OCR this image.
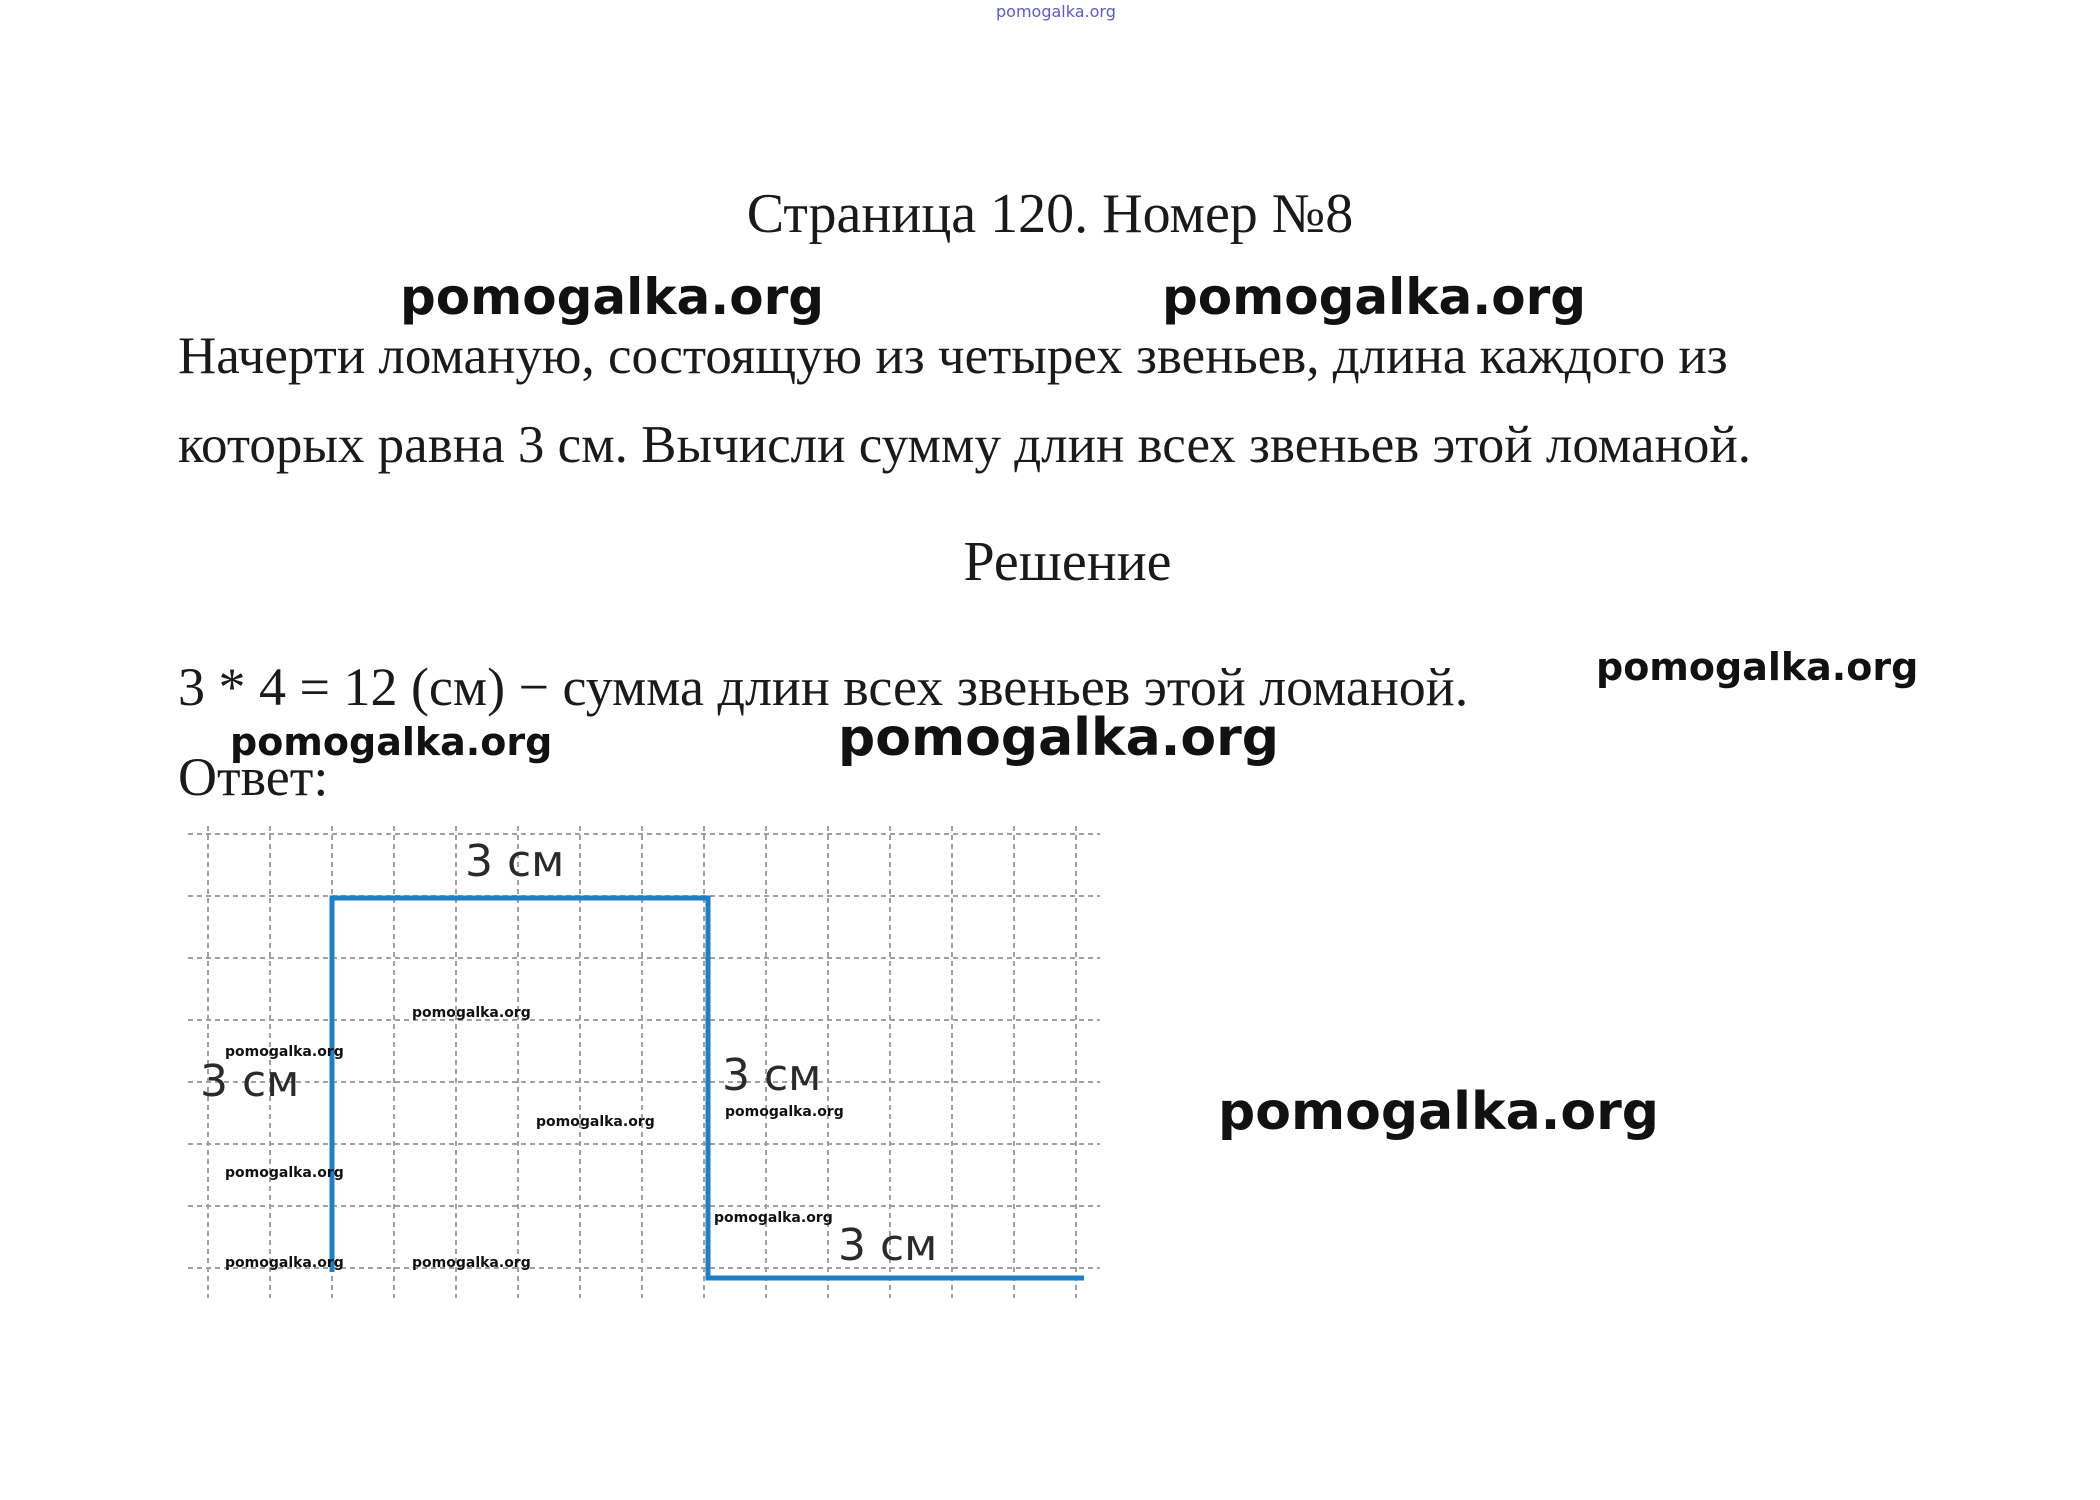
pomogalka.org
Страница 120. Номер №8
pomogalka.org	pomogalka.org
Начерти ломаную, состоящую из четырех звеньев, длина каждого из
которых равна 3 см. Вычисли сумму длин всех звеньев этой ломаной.
Решение
3 * 4 = 12 (см) − сумма длин всех звеньев этой ломаной.	pomogalka.org
Ответ:
pomogalka.org	pomogalka.org
3 см
3 см	3 см
3 см
pomogalka.org
pomogalka.org
pomogalka.org
pomogalka.org
pomogalka.org
pomogalka.org
pomogalka.org	pomogalka.org
pomogalka.org
